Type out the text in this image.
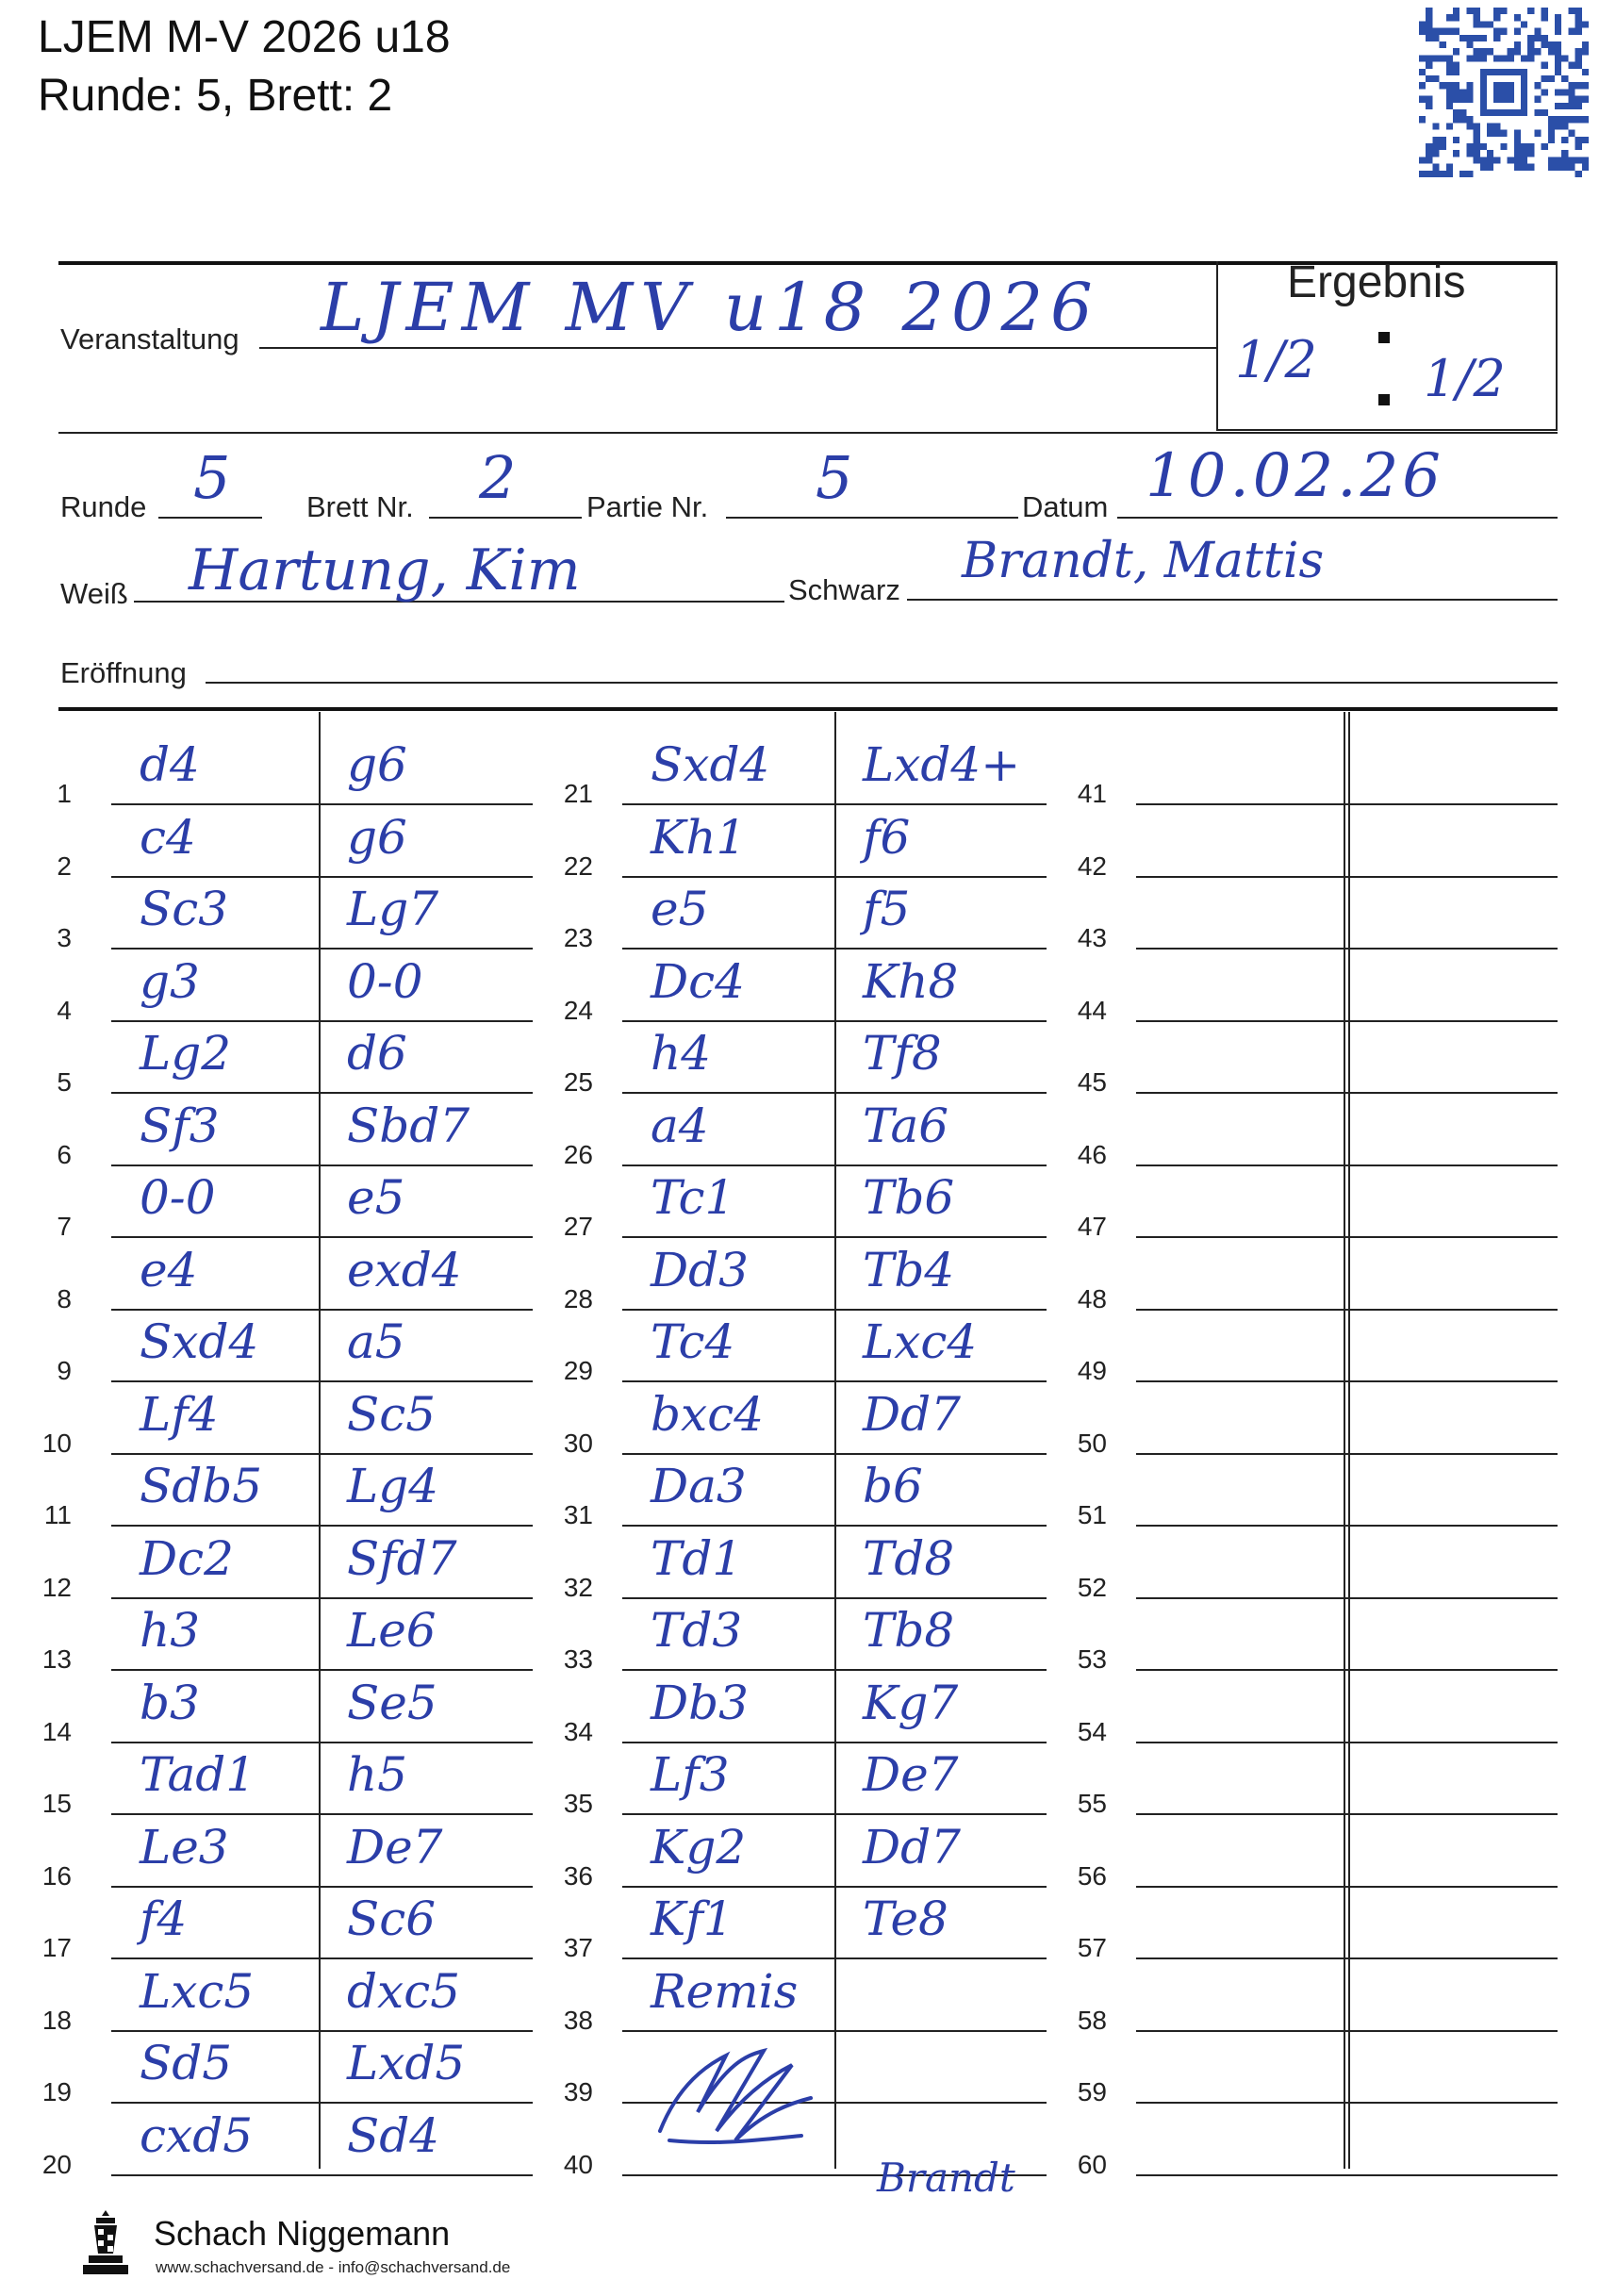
LJEM M-V 2026 u18
Runde: 5, Brett: 2
Ergebnis
1/2 1/2
Veranstaltung LJEM MV u18 2026
Runde 5	Brett Nr. 2 Partie Nr. 5	Datum 10.02.26
Weiß Hartung, Kim	Schwarz
Brandt, Mattis
Eröffnung
1
d4	g6
2
c4	g6
3
Sc3	Lg7
4
g3	0-0
5
Lg2 d6
6
Sf3	Sbd7
7
0-0	e5
8
e4	exd4
9
Sxd4 a5
10
Lf4	Sc5
11
Sdb5 Lg4
12
Dc2 Sfd7
13
h3	Le6
14
b3	Se5
15
Tad1 h5
16
Le3	De7
17
f4	Sc6
18
Lxc5 dxc5
19
Sd5 Lxd5
20
cxd5 Sd4
21
Sxd4 Lxd4+
22
Kh1 f6
23
e5	f5
24
Dc4	Kh8
25
h4	Tf8
26
a4	Ta6
27
Tc1	Tb6
28
Dd3 Tb4
29
Tc4	Lxc4
30
bxc4 Dd7
31
Da3 b6
32
Td1	Td8
33
Td3	Tb8
34
Db3 Kg7
35
Lf3	De7
36
Kg2 Dd7
37
Kf1	Te8
38
Remis
39
40
41
42
43
44
45
46
47
48
49
50
51
52
53
54
55
56
57
58
59
60
Brandt
Schach Niggemann
www.schachversand.de - info@schachversand.de
